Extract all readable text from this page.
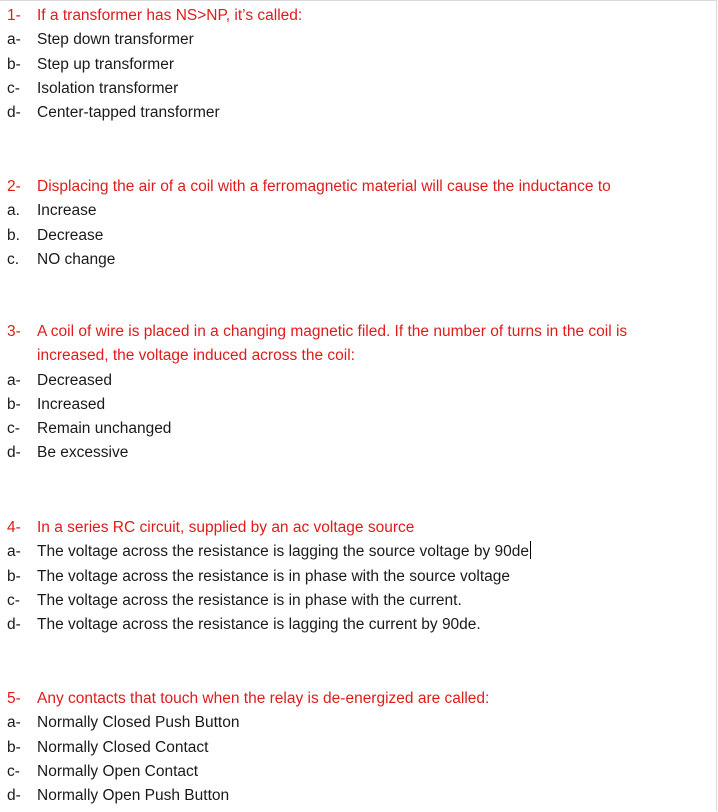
1-	If a transformer has NS>NP, it’s called:
a-	Step down transformer
b-	Step up transformer
c-	Isolation transformer
d-	Center-tapped transformer
2-	Displacing the air of a coil with a ferromagnetic material will cause the inductance to
a.	Increase
b.	Decrease
c.	NO change
3-	A coil of wire is placed in a changing magnetic filed. If the number of turns in the coil is increased, the voltage induced across the coil:
a-	Decreased
b-	Increased
c-	Remain unchanged
d-	Be excessive
4-	In a series RC circuit, supplied by an ac voltage source
a-	The voltage across the resistance is lagging the source voltage by 90de
b-	The voltage across the resistance is in phase with the source voltage
c-	The voltage across the resistance is in phase with the current.
d-	The voltage across the resistance is lagging the current by 90de.
5-	Any contacts that touch when the relay is de-energized are called:
a-	Normally Closed Push Button
b-	Normally Closed Contact
c-	Normally Open Contact
d-	Normally Open Push Button
